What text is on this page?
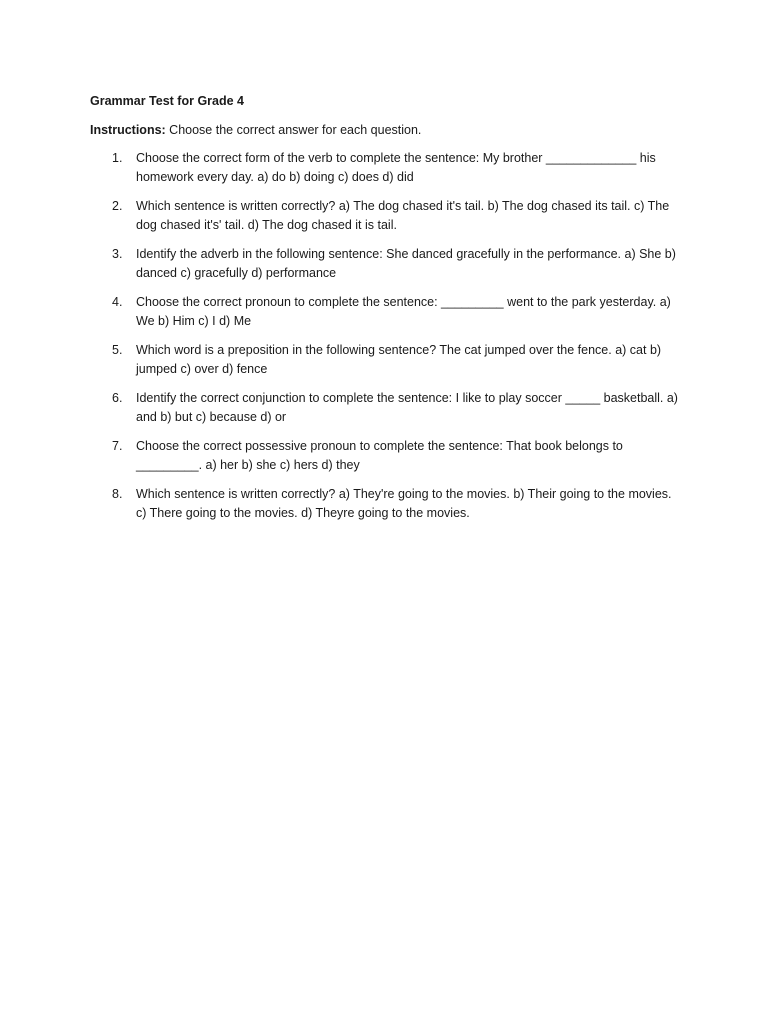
Grammar Test for Grade 4

Instructions: Choose the correct answer for each question.

1. Choose the correct form of the verb to complete the sentence: My brother _____________ his homework every day. a) do b) doing c) does d) did
2. Which sentence is written correctly? a) The dog chased it's tail. b) The dog chased its tail. c) The dog chased it's' tail. d) The dog chased it is tail.
3. Identify the adverb in the following sentence: She danced gracefully in the performance. a) She b) danced c) gracefully d) performance
4. Choose the correct pronoun to complete the sentence: _________ went to the park yesterday. a) We b) Him c) I d) Me
5. Which word is a preposition in the following sentence? The cat jumped over the fence. a) cat b) jumped c) over d) fence
6. Identify the correct conjunction to complete the sentence: I like to play soccer _____ basketball. a) and b) but c) because d) or
7. Choose the correct possessive pronoun to complete the sentence: That book belongs to _________. a) her b) she c) hers d) they
8. Which sentence is written correctly? a) They're going to the movies. b) Their going to the movies. c) There going to the movies. d) Theyre going to the movies.
